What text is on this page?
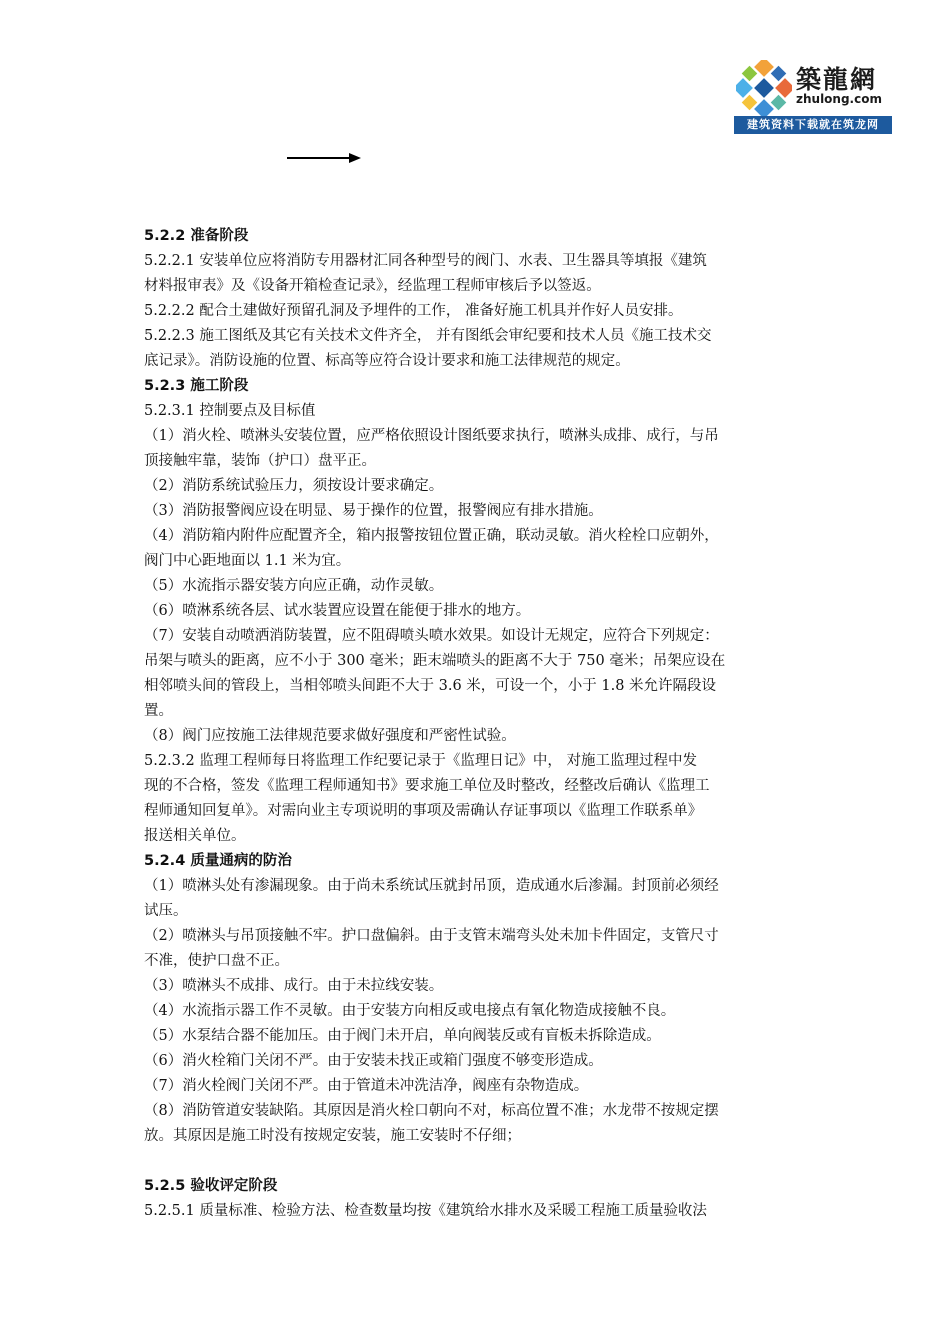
築龍網
zhulong.com
建筑资料下载就在筑龙网

5.2.2 准备阶段

5.2.2.1 安装单位应将消防专用器材汇同各种型号的阀门、水表、卫生器具等填报《建筑

材料报审表》及《设备开箱检查记录》，经监理工程师审核后予以签返。

5.2.2.2 配合土建做好预留孔洞及予埋件的工作， 准备好施工机具并作好人员安排。

5.2.2.3 施工图纸及其它有关技术文件齐全， 并有图纸会审纪要和技术人员《施工技术交

底记录》。消防设施的位置、标高等应符合设计要求和施工法律规范的规定。

5.2.3 施工阶段

5.2.3.1 控制要点及目标值

（1）消火栓、喷淋头安装位置，应严格依照设计图纸要求执行，喷淋头成排、成行，与吊

顶接触牢靠，装饰（护口）盘平正。

（2）消防系统试验压力，须按设计要求确定。

（3）消防报警阀应设在明显、易于操作的位置，报警阀应有排水措施。

（4）消防箱内附件应配置齐全，箱内报警按钮位置正确，联动灵敏。消火栓栓口应朝外，

阀门中心距地面以 1.1 米为宜。

（5）水流指示器安装方向应正确，动作灵敏。

（6）喷淋系统各层、试水装置应设置在能便于排水的地方。

（7）安装自动喷洒消防装置，应不阻碍喷头喷水效果。如设计无规定，应符合下列规定：

吊架与喷头的距离，应不小于 300 毫米；距末端喷头的距离不大于 750 毫米；吊架应设在

相邻喷头间的管段上，当相邻喷头间距不大于 3.6 米，可设一个，小于 1.8 米允许隔段设

置。

（8）阀门应按施工法律规范要求做好强度和严密性试验。

5.2.3.2 监理工程师每日将监理工作纪要记录于《监理日记》中， 对施工监理过程中发

现的不合格，签发《监理工程师通知书》要求施工单位及时整改，经整改后确认《监理工

程师通知回复单》。对需向业主专项说明的事项及需确认存证事项以《监理工作联系单》

报送相关单位。

5.2.4 质量通病的防治

（1）喷淋头处有渗漏现象。由于尚未系统试压就封吊顶，造成通水后渗漏。封顶前必须经

试压。

（2）喷淋头与吊顶接触不牢。护口盘偏斜。由于支管末端弯头处未加卡件固定，支管尺寸

不准，使护口盘不正。

（3）喷淋头不成排、成行。由于未拉线安装。

（4）水流指示器工作不灵敏。由于安装方向相反或电接点有氧化物造成接触不良。

（5）水泵结合器不能加压。由于阀门未开启，单向阀装反或有盲板未拆除造成。

（6）消火栓箱门关闭不严。由于安装未找正或箱门强度不够变形造成。

（7）消火栓阀门关闭不严。由于管道未冲洗洁净，阀座有杂物造成。

（8）消防管道安装缺陷。其原因是消火栓口朝向不对，标高位置不准；水龙带不按规定摆

放。其原因是施工时没有按规定安装，施工安装时不仔细；

5.2.5 验收评定阶段

5.2.5.1 质量标准、检验方法、检查数量均按《建筑给水排水及采暖工程施工质量验收法
